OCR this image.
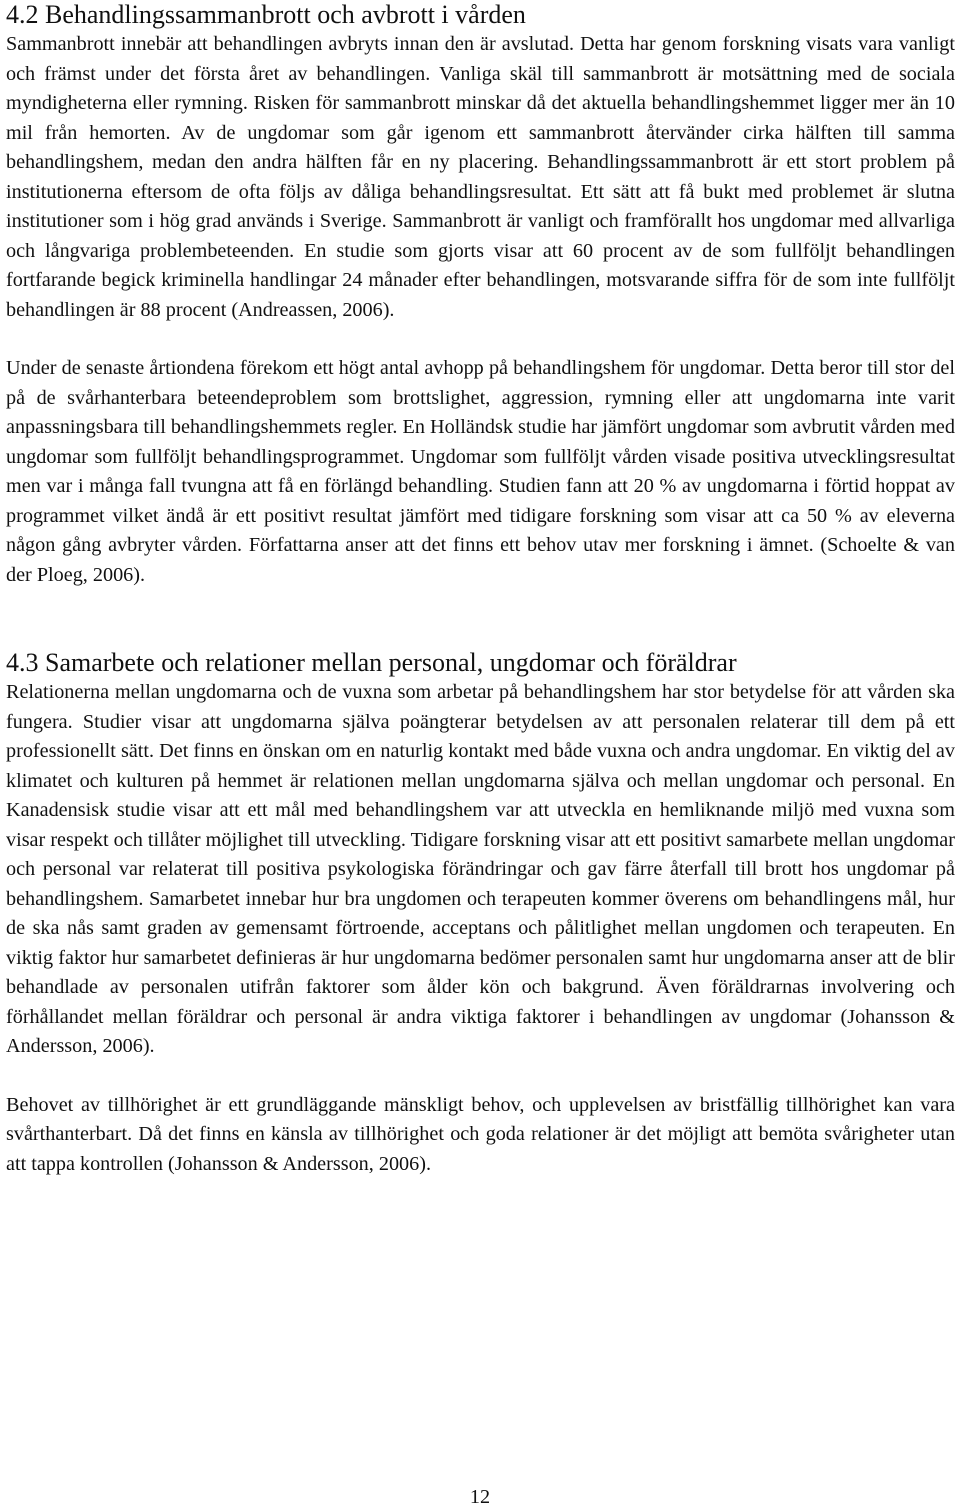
4.2 Behandlingssammanbrott och avbrott i vården

Sammanbrott innebär att behandlingen avbryts innan den är avslutad. Detta har genom forskning visats vara vanligt och främst under det första året av behandlingen. Vanliga skäl till sammanbrott är motsättning med de sociala myndigheterna eller rymning. Risken för sammanbrott minskar då det aktuella behandlingshemmet ligger mer än 10 mil från hemorten. Av de ungdomar som går igenom ett sammanbrott återvänder cirka hälften till samma behandlingshem, medan den andra hälften får en ny placering. Behandlingssammanbrott är ett stort problem på institutionerna eftersom de ofta följs av dåliga behandlingsresultat. Ett sätt att få bukt med problemet är slutna institutioner som i hög grad används i Sverige. Sammanbrott är vanligt och framförallt hos ungdomar med allvarliga och långvariga problembeteenden. En studie som gjorts visar att 60 procent av de som fullföljt behandlingen fortfarande begick kriminella handlingar 24 månader efter behandlingen, motsvarande siffra för de som inte fullföljt behandlingen är 88 procent (Andreassen, 2006).

Under de senaste årtiondena förekom ett högt antal avhopp på behandlingshem för ungdomar. Detta beror till stor del på de svårhanterbara beteendeproblem som brottslighet, aggression, rymning eller att ungdomarna inte varit anpassningsbara till behandlingshemmets regler. En Holländsk studie har jämfört ungdomar som avbrutit vården med ungdomar som fullföljt behandlingsprogrammet. Ungdomar som fullföljt vården visade positiva utvecklingsresultat men var i många fall tvungna att få en förlängd behandling. Studien fann att 20 % av ungdomarna i förtid hoppat av programmet vilket ändå är ett positivt resultat jämfört med tidigare forskning som visar att ca 50 % av eleverna någon gång avbryter vården. Författarna anser att det finns ett behov utav mer forskning i ämnet. (Schoelte & van der Ploeg, 2006).

4.3 Samarbete och relationer mellan personal, ungdomar och föräldrar

Relationerna mellan ungdomarna och de vuxna som arbetar på behandlingshem har stor betydelse för att vården ska fungera. Studier visar att ungdomarna själva poängterar betydelsen av att personalen relaterar till dem på ett professionellt sätt. Det finns en önskan om en naturlig kontakt med både vuxna och andra ungdomar. En viktig del av klimatet och kulturen på hemmet är relationen mellan ungdomarna själva och mellan ungdomar och personal. En Kanadensisk studie visar att ett mål med behandlingshem var att utveckla en hemliknande miljö med vuxna som visar respekt och tillåter möjlighet till utveckling. Tidigare forskning visar att ett positivt samarbete mellan ungdomar och personal var relaterat till positiva psykologiska förändringar och gav färre återfall till brott hos ungdomar på behandlingshem. Samarbetet innebar hur bra ungdomen och terapeuten kommer överens om behandlingens mål, hur de ska nås samt graden av gemensamt förtroende, acceptans och pålitlighet mellan ungdomen och terapeuten. En viktig faktor hur samarbetet definieras är hur ungdomarna bedömer personalen samt hur ungdomarna anser att de blir behandlade av personalen utifrån faktorer som ålder kön och bakgrund. Även föräldrarnas involvering och förhållandet mellan föräldrar och personal är andra viktiga faktorer i behandlingen av ungdomar (Johansson & Andersson, 2006).

Behovet av tillhörighet är ett grundläggande mänskligt behov, och upplevelsen av bristfällig tillhörighet kan vara svårthanterbart. Då det finns en känsla av tillhörighet och goda relationer är det möjligt att bemöta svårigheter utan att tappa kontrollen (Johansson & Andersson, 2006).

12
